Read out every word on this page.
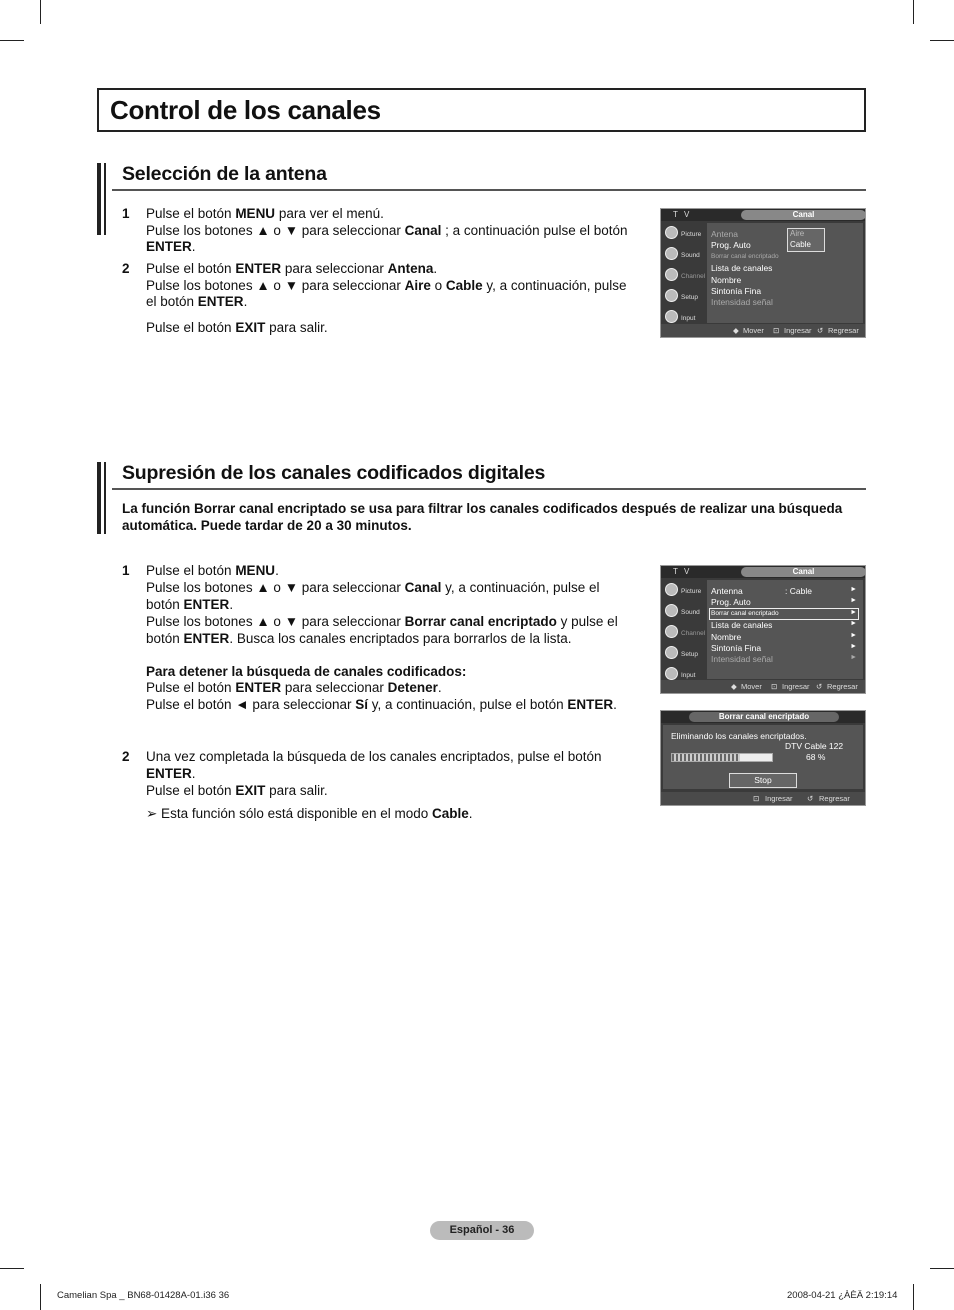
Control de los canales
Selección de la antena
1 Pulse el botón MENU para ver el menú.
Pulse los botones ▲ o ▼ para seleccionar Canal ; a continuación pulse el botón
ENTER.
2 Pulse el botón ENTER para seleccionar Antena.
Pulse los botones ▲ o ▼ para seleccionar Aire o Cable y, a continuación, pulse
el botón ENTER.
Pulse el botón EXIT para salir.
T V	Canal
Picture
Sound
Channel
Setup
Input
Antena
Prog. Auto
Borrar canal encriptado
Lista de canales
Nombre
Sintonía Fina
Intensidad señal
Aire
Cable
◆ Mover ⊡ Ingresar ↺ Regresar
Supresión de los canales codificados digitales
La función Borrar canal encriptado se usa para filtrar los canales codificados después de realizar una búsqueda
automática. Puede tardar de 20 a 30 minutos.
1 Pulse el botón MENU.
Pulse los botones ▲ o ▼ para seleccionar Canal y, a continuación, pulse el
botón ENTER.
Pulse los botones ▲ o ▼ para seleccionar Borrar canal encriptado y pulse el
botón ENTER. Busca los canales encriptados para borrarlos de la lista.
Para detener la búsqueda de canales codificados:
Pulse el botón ENTER para seleccionar Detener.
Pulse el botón ◄ para seleccionar Sí y, a continuación, pulse el botón ENTER.
2 Una vez completada la búsqueda de los canales encriptados, pulse el botón
ENTER.
Pulse el botón EXIT para salir.
➢ Esta función sólo está disponible en el modo Cable.
T V	Canal
Picture
Sound
Channel
Setup
Input
Antenna	: Cable	►
Prog. Auto	►
Borrar canal encriptado	►
Lista de canales	►
Nombre	►
Sintonía Fina	►
Intensidad señal	►
◆ Mover ⊡ Ingresar ↺ Regresar
Borrar canal encriptado
Eliminando los canales encriptados.
DTV Cable 122
68 %
Stop
⊡ Ingresar ↺ Regresar
Español - 36
Camelian Spa _ BN68-01428A-01.i36 36	2008-04-21 ¿ÀÈÄ 2:19:14
